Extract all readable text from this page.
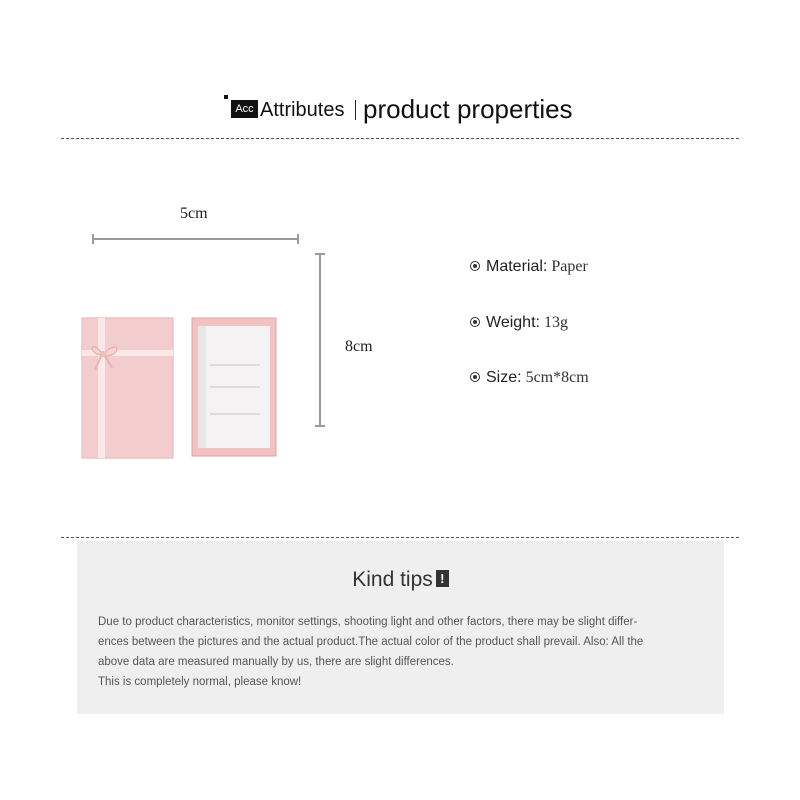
Acc Attributes product properties
5cm
8cm
Material: Paper
Weight: 13g
Size: 5cm*8cm
Kind tips !
Due to product characteristics, monitor settings, shooting light and other factors, there may be slight differ-
ences between the pictures and the actual product.The actual color of the product shall prevail. Also: All the
above data are measured manually by us, there are slight differences.
This is completely normal, please know!
